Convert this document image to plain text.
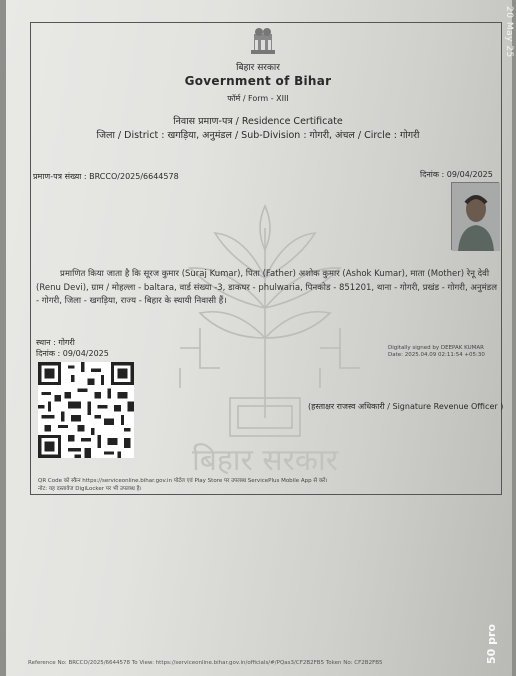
20 May 25
बिहार सरकार
Government of Bihar
फॉर्म / Form - XIII
निवास प्रमाण-पत्र / Residence Certificate
जिला / District : खगड़िया, अनुमंडल / Sub-Division : गोगरी, अंचल / Circle : गोगरी
प्रमाण-पत्र संख्या : BRCCO/2025/6644578	दिनांक : 09/04/2025
बिहार सरकार
प्रमाणित किया जाता है कि सूरज कुमार (Suraj Kumar), पिता (Father) अशोक कुमार (Ashok Kumar), माता (Mother) रेनू देवी (Renu Devi), ग्राम / मोहल्ला - baltara, वार्ड संख्या -3, डाकघर - phulwaria, पिनकोड - 851201, थाना - गोगरी, प्रखंड - गोगरी, अनुमंडल - गोगरी, जिला - खगड़िया, राज्य - बिहार के स्थायी निवासी हैं।
स्थान : गोगरी
दिनांक : 09/04/2025
Digitally signed by DEEPAK KUMAR
Date: 2025.04.09 02:11:54 +05:30
(हस्ताक्षर राजस्व अधिकारी / Signature Revenue Officer )
QR Code को स्कैन https://serviceonline.bihar.gov.in पोर्टल एवं Play Store पर उपलब्ध ServicePlus Mobile App से करें।
नोट: यह दस्तावेज DigiLocker पर भी उपलब्ध है।
Reference No: BRCCO/2025/6644578 To View: https://serviceonline.bihar.gov.in/officials/#/PQas3/CF2B2FB5 Token No: CF2B2FB5	50 pro
